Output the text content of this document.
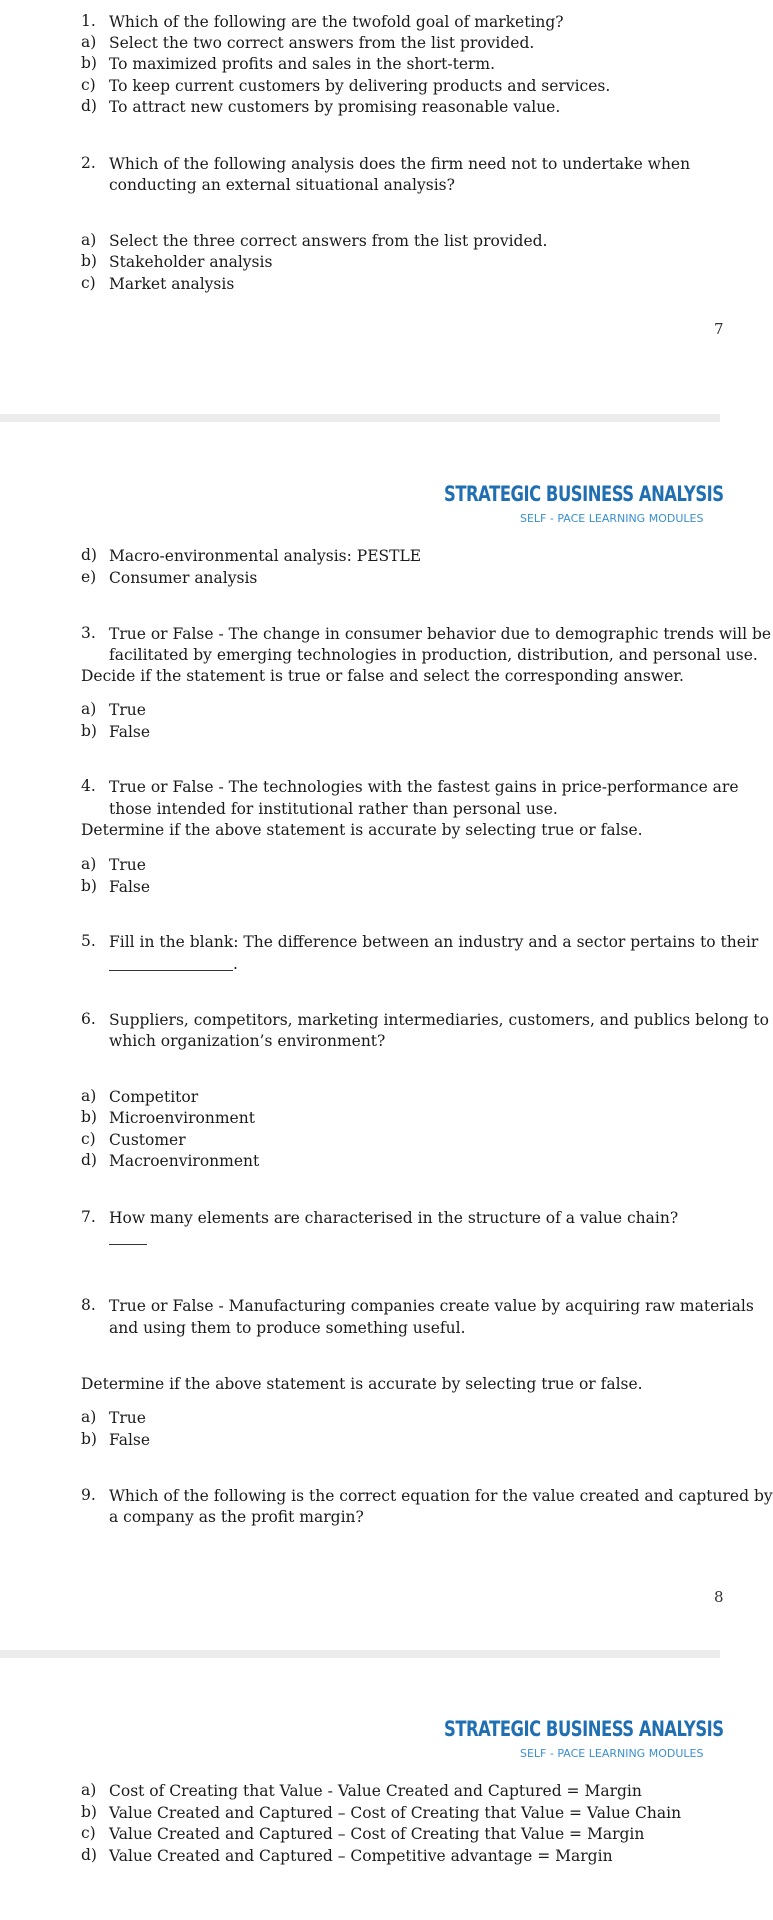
1. Which of the following are the twofold goal of marketing?
a) Select the two correct answers from the list provided.
b) To maximized profits and sales in the short-term.
c) To keep current customers by delivering products and services.
d) To attract new customers by promising reasonable value.
2. Which of the following analysis does the firm need not to undertake when
conducting an external situational analysis?
a) Select the three correct answers from the list provided.
b) Stakeholder analysis
c) Market analysis
7
STRATEGIC BUSINESS ANALYSIS
SELF - PACE LEARNING MODULES
d) Macro-environmental analysis: PESTLE
e) Consumer analysis
3. True or False - The change in consumer behavior due to demographic trends will be
facilitated by emerging technologies in production, distribution, and personal use.
Decide if the statement is true or false and select the corresponding answer.
a) True
b) False
4. True or False - The technologies with the fastest gains in price-performance are
those intended for institutional rather than personal use.
Determine if the above statement is accurate by selecting true or false.
a) True
b) False
5. Fill in the blank: The difference between an industry and a sector pertains to their
.
6. Suppliers, competitors, marketing intermediaries, customers, and publics belong to
which organization’s environment?
a) Competitor
b) Microenvironment
c) Customer
d) Macroenvironment
7. How many elements are characterised in the structure of a value chain?
8. True or False - Manufacturing companies create value by acquiring raw materials
and using them to produce something useful.
Determine if the above statement is accurate by selecting true or false.
a) True
b) False
9. Which of the following is the correct equation for the value created and captured by
a company as the profit margin?
8
STRATEGIC BUSINESS ANALYSIS
SELF - PACE LEARNING MODULES
a) Cost of Creating that Value - Value Created and Captured = Margin
b) Value Created and Captured – Cost of Creating that Value = Value Chain
c) Value Created and Captured – Cost of Creating that Value = Margin
d) Value Created and Captured – Competitive advantage = Margin
